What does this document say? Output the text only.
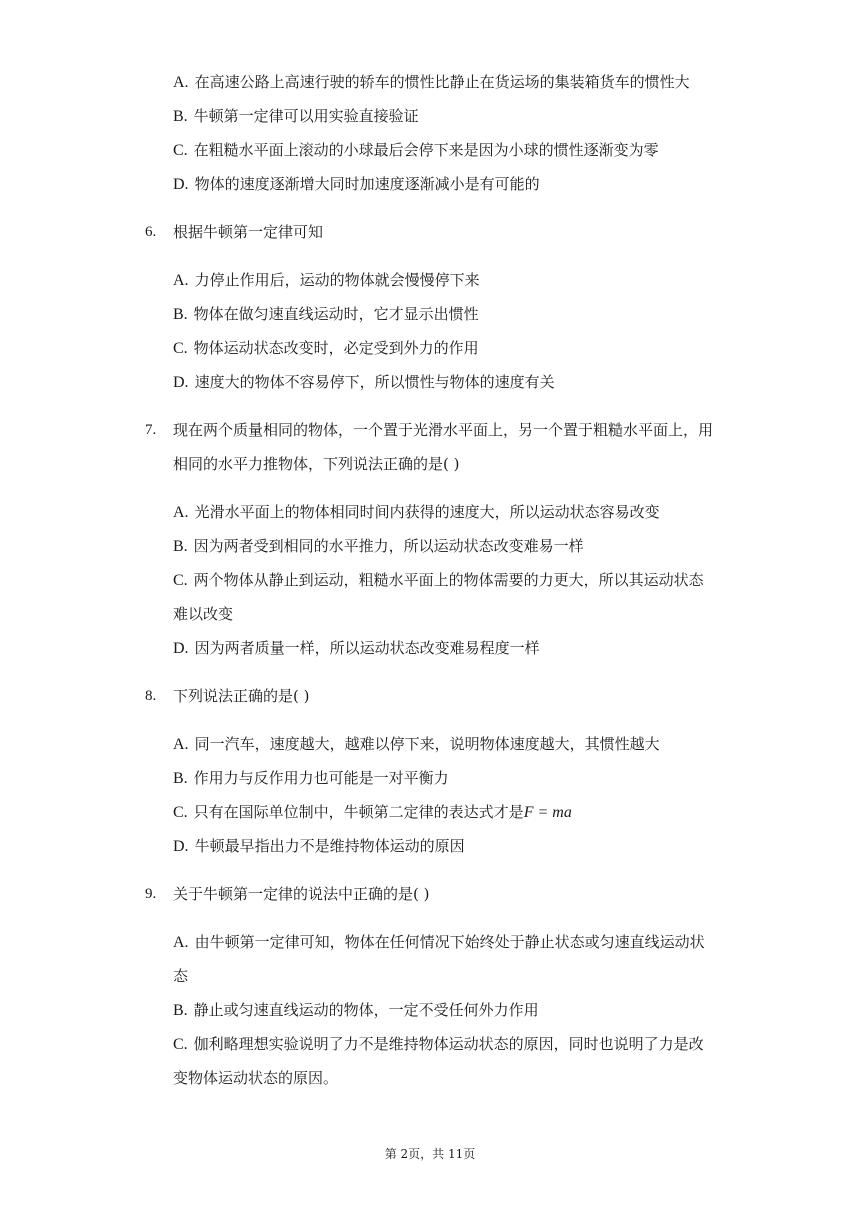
A. 在高速公路上高速行驶的轿车的惯性比静止在货运场的集装箱货车的惯性大
B. 牛顿第一定律可以用实验直接验证
C. 在粗糙水平面上滚动的小球最后会停下来是因为小球的惯性逐渐变为零
D. 物体的速度逐渐增大同时加速度逐渐减小是有可能的
6. 根据牛顿第一定律可知
A. 力停止作用后，运动的物体就会慢慢停下来
B. 物体在做匀速直线运动时，它才显示出惯性
C. 物体运动状态改变时，必定受到外力的作用
D. 速度大的物体不容易停下，所以惯性与物体的速度有关
7. 现在两个质量相同的物体，一个置于光滑水平面上，另一个置于粗糙水平面上，用
相同的水平力推物体，下列说法正确的是( )
A. 光滑水平面上的物体相同时间内获得的速度大，所以运动状态容易改变
B. 因为两者受到相同的水平推力，所以运动状态改变难易一样
C. 两个物体从静止到运动，粗糙水平面上的物体需要的力更大，所以其运动状态
难以改变
D. 因为两者质量一样，所以运动状态改变难易程度一样
8. 下列说法正确的是( )
A. 同一汽车，速度越大，越难以停下来，说明物体速度越大，其惯性越大
B. 作用力与反作用力也可能是一对平衡力
C. 只有在国际单位制中，牛顿第二定律的表达式才是F = ma
D. 牛顿最早指出力不是维持物体运动的原因
9. 关于牛顿第一定律的说法中正确的是( )
A. 由牛顿第一定律可知，物体在任何情况下始终处于静止状态或匀速直线运动状
态
B. 静止或匀速直线运动的物体，一定不受任何外力作用
C. 伽利略理想实验说明了力不是维持物体运动状态的原因，同时也说明了力是改
变物体运动状态的原因。
第 2页，共 11页
